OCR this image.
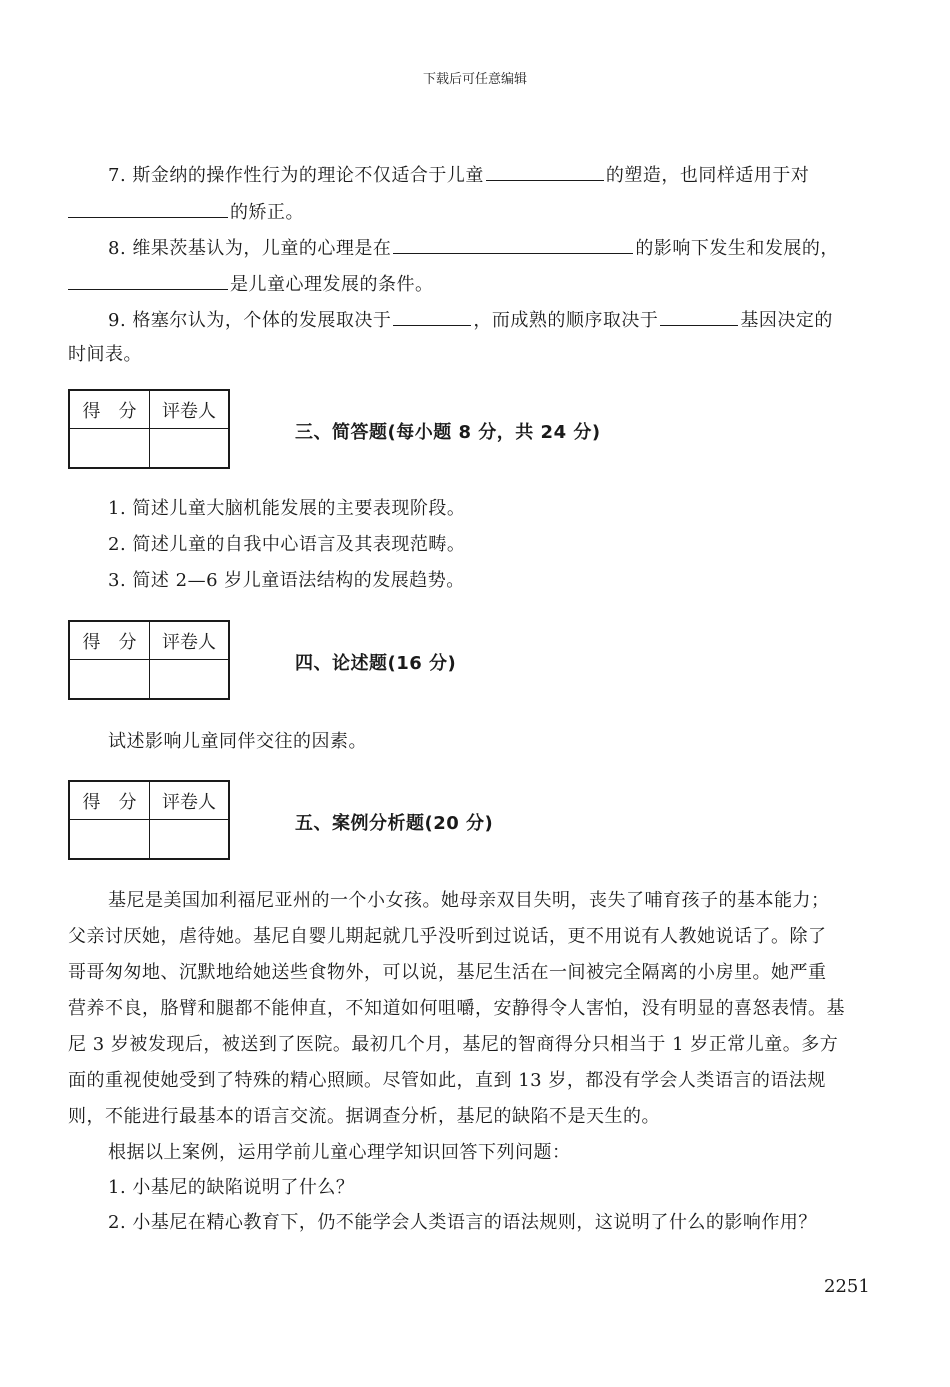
下载后可任意编辑
7. 斯金纳的操作性行为的理论不仅适合于儿童	的塑造，也同样适用于对
的矫正。
8. 维果茨基认为，儿童的心理是在	的影响下发生和发展的，
是儿童心理发展的条件。
9. 格塞尔认为，个体的发展取决于	，而成熟的顺序取决于	基因决定的
时间表。
得　分	评卷人
三、简答题(每小题 8 分，共 24 分)
1. 简述儿童大脑机能发展的主要表现阶段。
2. 简述儿童的自我中心语言及其表现范畴。
3. 简述 2—6 岁儿童语法结构的发展趋势。
得　分	评卷人
四、论述题(16 分)
试述影响儿童同伴交往的因素。
得　分	评卷人
五、案例分析题(20 分)
基尼是美国加利福尼亚州的一个小女孩。她母亲双目失明，丧失了哺育孩子的基本能力；
父亲讨厌她，虐待她。基尼自婴儿期起就几乎没听到过说话，更不用说有人教她说话了。除了
哥哥匆匆地、沉默地给她送些食物外，可以说，基尼生活在一间被完全隔离的小房里。她严重
营养不良，胳臂和腿都不能伸直，不知道如何咀嚼，安静得令人害怕，没有明显的喜怒表情。基
尼 3 岁被发现后，被送到了医院。最初几个月，基尼的智商得分只相当于 1 岁正常儿童。多方
面的重视使她受到了特殊的精心照顾。尽管如此，直到 13 岁，都没有学会人类语言的语法规
则，不能进行最基本的语言交流。据调查分析，基尼的缺陷不是天生的。
根据以上案例，运用学前儿童心理学知识回答下列问题：
1. 小基尼的缺陷说明了什么？
2. 小基尼在精心教育下，仍不能学会人类语言的语法规则，这说明了什么的影响作用？
2251
